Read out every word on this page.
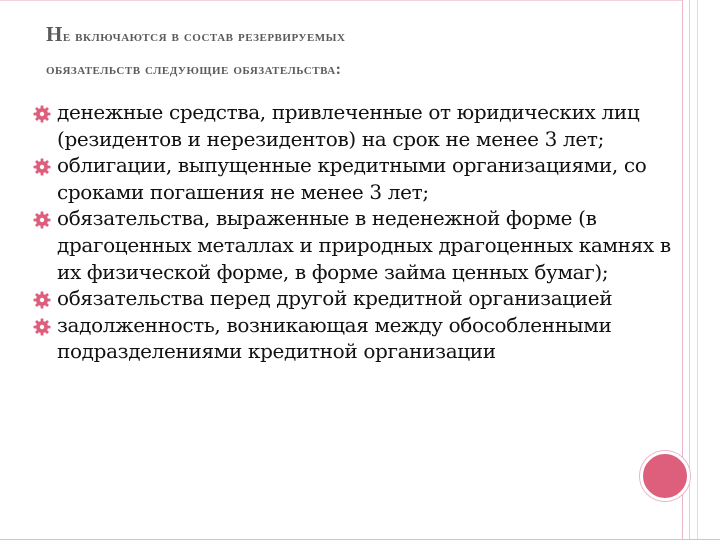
Не включаются в состав резервируемых
обязательств следующие обязательства:
денежные средства, привлеченные от юридических лиц (резидентов и нерезидентов) на срок не менее 3 лет;
облигации, выпущенные кредитными организациями, со сроками погашения не менее 3 лет;
обязательства, выраженные в неденежной форме (в драгоценных металлах и природных драгоценных камнях в их физической форме, в форме займа ценных бумаг);
обязательства перед другой кредитной организацией
задолженность, возникающая между обособленными подразделениями кредитной организации
